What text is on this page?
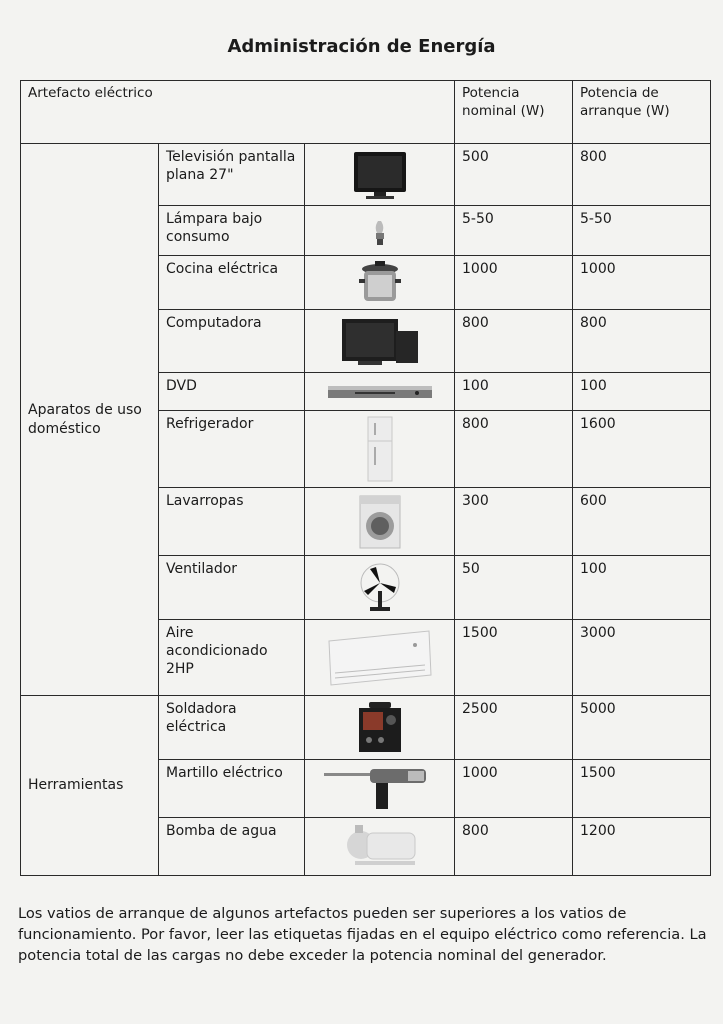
Administración de Energía
Artefacto eléctrico			Potencia nominal (W)	Potencia de arranque (W)
Aparatos de uso doméstico	Televisión pantalla plana 27"		500	800
	Lámpara bajo consumo		5-50	5-50
	Cocina eléctrica		1000	1000
	Computadora		800	800
	DVD		100	100
	Refrigerador		800	1600
	Lavarropas		300	600
	Ventilador		50	100
	Aire acondicionado 2HP		1500	3000
Herramientas	Soldadora eléctrica		2500	5000
	Martillo eléctrico		1000	1500
	Bomba de agua		800	1200
Los vatios de arranque de algunos artefactos pueden ser superiores a los vatios de funcionamiento. Por favor, leer las etiquetas fijadas en el equipo eléctrico como referencia. La potencia total de las cargas no debe exceder la potencia nominal del generador.
